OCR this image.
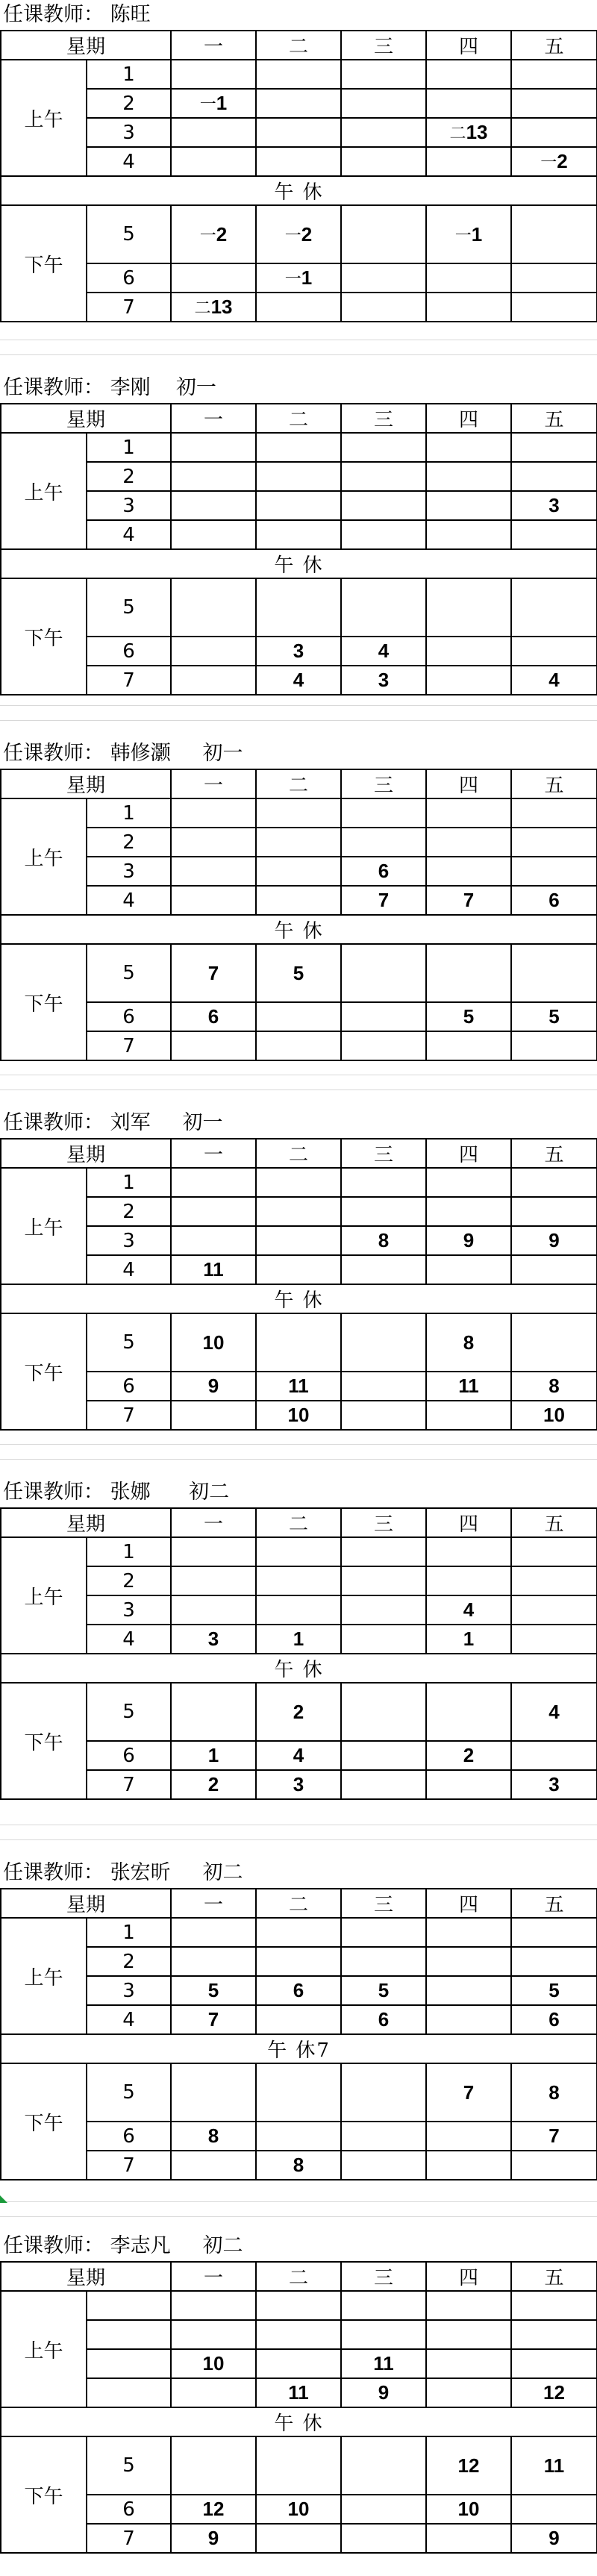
任课教师： 陈旺
星期		一	二	三	四	五
上午	1					
	2	一1				
	3				二13	
	4					一2
午 休						
下午	5	一2	一2		一1	
	6		一1			
	7	二13				
任课教师： 李刚    初一
星期		一	二	三	四	五
上午	1					
	2					
	3					3
	4					
午 休						
下午	5					
	6		3	4		
	7		4	3		4
任课教师： 韩修灏     初一
星期		一	二	三	四	五
上午	1					
	2					
	3			6		
	4			7	7	6
午 休						
下午	5	7	5			
	6	6			5	5
	7					
任课教师： 刘军     初一
星期		一	二	三	四	五
上午	1					
	2					
	3			8	9	9
	4	11				
午 休						
下午	5	10			8	
	6	9	11		11	8
	7		10			10
任课教师： 张娜      初二
星期		一	二	三	四	五
上午	1					
	2					
	3				4	
	4	3	1		1	
午 休						
下午	5		2			4
	6	1	4		2	
	7	2	3			3
任课教师： 张宏昕     初二
星期		一	二	三	四	五
上午	1					
	2					
	3	5	6	5		5
	4	7		6		6
午 休7						
下午	5				7	8
	6	8				7
	7		8			
任课教师： 李志凡     初二
星期		一	二	三	四	五
上午						

		10		11		
			11	9		12
午 休						
下午	5				12	11
	6	12	10		10	
	7	9				9
